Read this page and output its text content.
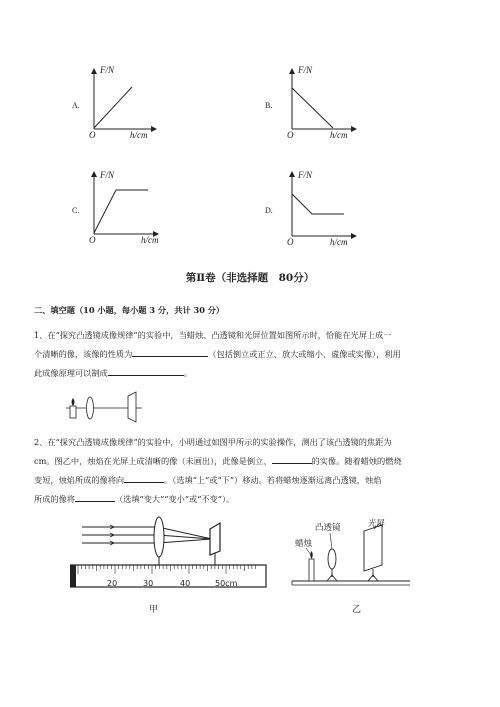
A.	B.
C.	D.
F/N
O	h/cm
F/N
O	h/cm
F/N
O	h/cm
F/N
O	h/cm
第Ⅱ卷（非选择题　80分）
二、填空题（10 小题，每小题 3 分，共计 30 分）
1、在“探究凸透镜成像规律”的实验中，当蜡烛、凸透镜和光屏位置如图所示时，恰能在光屏上成一
个清晰的像，该像的性质为	（包括倒立或正立、放大或缩小、虚像或实像），利用
此成像原理可以制成	。
2、在“探究凸透镜成像规律”的实验中，小明通过如图甲所示的实验操作，测出了该凸透镜的焦距为
cm。图乙中，烛焰在光屏上成清晰的像（未画出），此像是倒立、	的实像。随着蜡烛的燃烧
变短，烛焰所成的像将向	。（选填“上”或“下”）移动。若将蜡烛逐渐远离凸透镜，烛焰
所成的像将	（选填“变大”“变小”或“不变”）。
20	30	40	50cm
甲
蜡烛
凸透镜	光屏
乙
